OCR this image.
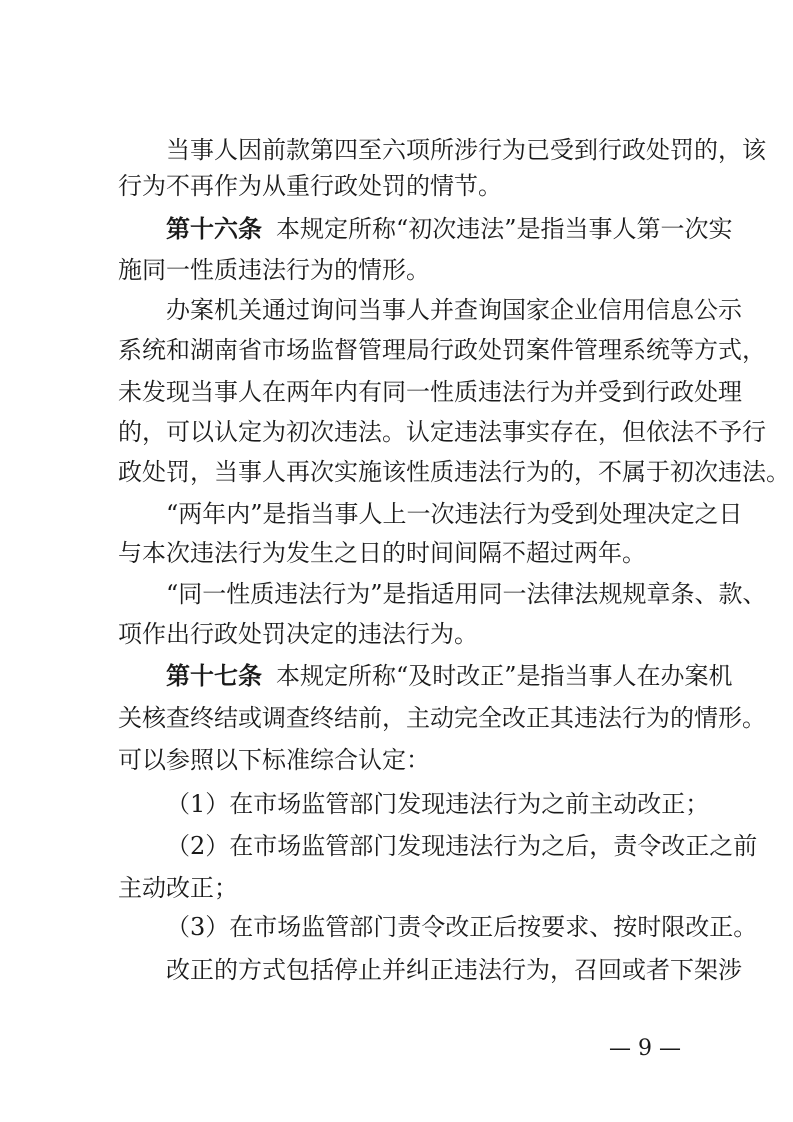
当事人因前款第四至六项所涉行为已受到行政处罚的，该
行为不再作为从重行政处罚的情节。
第十六条 本规定所称“初次违法”是指当事人第一次实
施同一性质违法行为的情形。
办案机关通过询问当事人并查询国家企业信用信息公示
系统和湖南省市场监督管理局行政处罚案件管理系统等方式，
未发现当事人在两年内有同一性质违法行为并受到行政处理
的，可以认定为初次违法。认定违法事实存在，但依法不予行
政处罚，当事人再次实施该性质违法行为的，不属于初次违法。
“两年内”是指当事人上一次违法行为受到处理决定之日
与本次违法行为发生之日的时间间隔不超过两年。
“同一性质违法行为”是指适用同一法律法规规章条、款、
项作出行政处罚决定的违法行为。
第十七条 本规定所称“及时改正”是指当事人在办案机
关核查终结或调查终结前，主动完全改正其违法行为的情形。
可以参照以下标准综合认定：
（1）在市场监管部门发现违法行为之前主动改正；
（2）在市场监管部门发现违法行为之后，责令改正之前
主动改正；
（3）在市场监管部门责令改正后按要求、按时限改正。
改正的方式包括停止并纠正违法行为，召回或者下架涉
— 9 —
